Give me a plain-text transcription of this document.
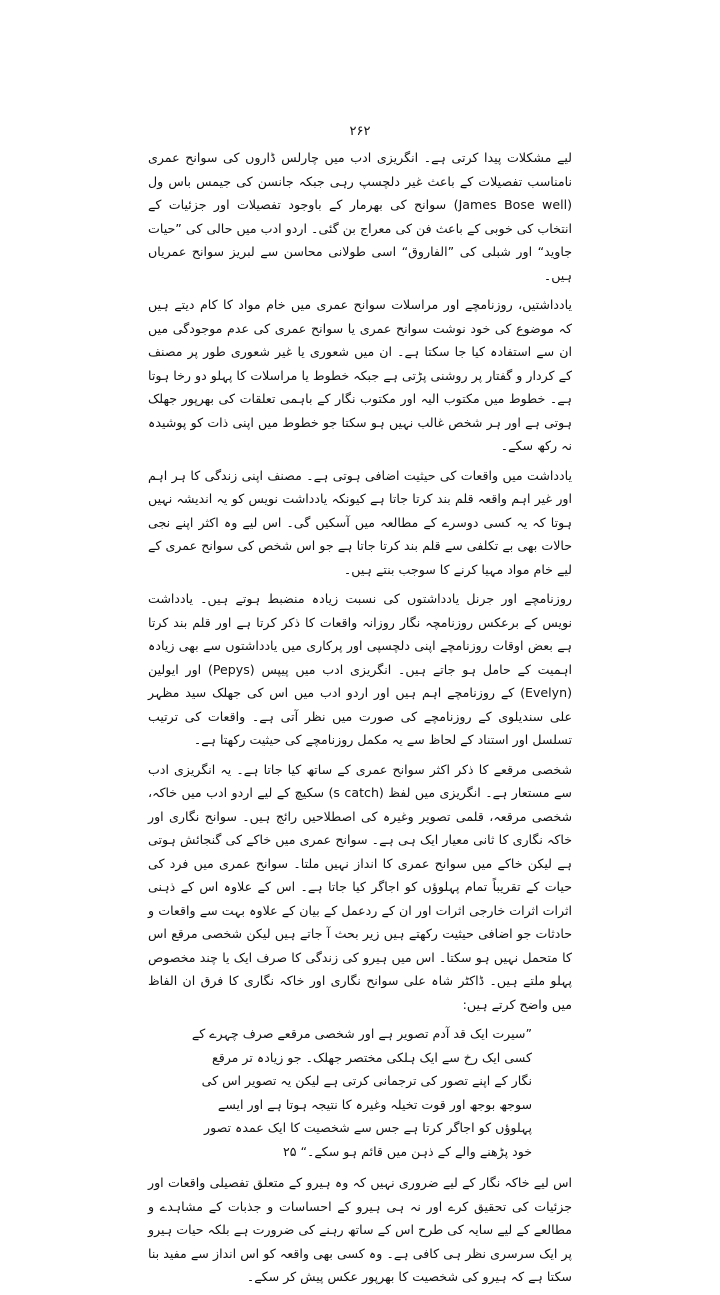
۲۶۲

لیے مشکلات پیدا کرتی ہے۔ انگریزی ادب میں چارلس ڈاروں کی سوانح عمری نامناسب تفصیلات کے باعث غیر دلچسپ رہی جبکہ جانسن کی جیمس باس ول (James Bose well) سوانح کی بھرمار کے باوجود تفصیلات اور جزئیات کے انتخاب کی خوبی کے باعث فن کی معراج بن گئی۔ اردو ادب میں حالی کی ”حیات جاوید“ اور شبلی کی ”الفاروق“ اسی طولانی محاسن سے لبریز سوانح عمریاں ہیں۔

یادداشتیں، روزنامچے اور مراسلات سوانح عمری میں خام مواد کا کام دیتے ہیں کہ موضوع کی خود نوشت سوانح عمری یا سوانح عمری کی عدم موجودگی میں ان سے استفادہ کیا جا سکتا ہے۔ ان میں شعوری یا غیر شعوری طور پر مصنف کے کردار و گفتار پر روشنی پڑتی ہے جبکہ خطوط یا مراسلات کا پہلو دو رخا ہوتا ہے۔ خطوط میں مکتوب الیہ اور مکتوب نگار کے باہمی تعلقات کی بھرپور جھلک ہوتی ہے اور ہر شخص غالب نہیں ہو سکتا جو خطوط میں اپنی ذات کو پوشیدہ نہ رکھ سکے۔

یادداشت میں واقعات کی حیثیت اضافی ہوتی ہے۔ مصنف اپنی زندگی کا ہر اہم اور غیر اہم واقعہ قلم بند کرتا جاتا ہے کیونکہ یادداشت نویس کو یہ اندیشہ نہیں ہوتا کہ یہ کسی دوسرے کے مطالعہ میں آسکیں گی۔ اس لیے وہ اکثر اپنے نجی حالات بھی بے تکلفی سے قلم بند کرتا جاتا ہے جو اس شخص کی سوانح عمری کے لیے خام مواد مہیا کرنے کا سوجب بنتے ہیں۔

روزنامچے اور جرنل یادداشتوں کی نسبت زیادہ منضبط ہوتے ہیں۔ یادداشت نویس کے برعکس روزنامچہ نگار روزانہ واقعات کا ذکر کرتا ہے اور قلم بند کرتا ہے بعض اوقات روزنامچے اپنی دلچسپی اور پرکاری میں یادداشتوں سے بھی زیادہ اہمیت کے حامل ہو جاتے ہیں۔ انگریزی ادب میں پیپس (Pepys) اور ایولین (Evelyn) کے روزنامچے اہم ہیں اور اردو ادب میں اس کی جھلک سید مظہر علی سندیلوی کے روزنامچے کی صورت میں نظر آتی ہے۔ واقعات کی ترتیب تسلسل اور استناد کے لحاظ سے یہ مکمل روزنامچے کی حیثیت رکھتا ہے۔

شخصی مرقعے کا ذکر اکثر سوانح عمری کے ساتھ کیا جاتا ہے۔ یہ انگریزی ادب سے مستعار ہے۔ انگریزی میں لفظ (s catch) سکیچ کے لیے اردو ادب میں خاکہ، شخصی مرقعہ، قلمی تصویر وغیرہ کی اصطلاحیں رائج ہیں۔ سوانح نگاری اور خاکہ نگاری کا ثانی معیار ایک ہی ہے۔ سوانح عمری میں خاکے کی گنجائش ہوتی ہے لیکن خاکے میں سوانح عمری کا انداز نہیں ملتا۔ سوانح عمری میں فرد کی حیات کے تقریباً تمام پہلوؤں کو اجاگر کیا جاتا ہے۔ اس کے علاوہ اس کے ذہنی اثرات اثرات خارجی اثرات اور ان کے ردعمل کے بیان کے علاوہ بہت سے واقعات و حادثات جو اضافی حیثیت رکھتے ہیں زیر بحث آ جاتے ہیں لیکن شخصی مرقع اس کا متحمل نہیں ہو سکتا۔ اس میں ہیرو کی زندگی کا صرف ایک یا چند مخصوص پہلو ملتے ہیں۔ ڈاکٹر شاہ علی سوانح نگاری اور خاکہ نگاری کا فرق ان الفاظ میں واضح کرتے ہیں:

”سیرت ایک قد آدم تصویر ہے اور شخصی مرقعے صرف چہرے کے کسی ایک رخ سے ایک ہلکی مختصر جھلک۔ جو زیادہ تر مرقع نگار کے اپنے تصور کی ترجمانی کرتی ہے لیکن یہ تصویر اس کی سوجھ بوجھ اور قوت تخیلہ وغیرہ کا نتیجہ ہوتا ہے اور ایسے پہلوؤں کو اجاگر کرتا ہے جس سے شخصیت کا ایک عمدہ تصور خود پڑھنے والے کے ذہن میں قائم ہو سکے۔“ ۲۵

اس لیے خاکہ نگار کے لیے ضروری نہیں کہ وہ ہیرو کے متعلق تفصیلی واقعات اور جزئیات کی تحقیق کرے اور نہ ہی ہیرو کے احساسات و جذبات کے مشاہدے و مطالعے کے لیے سایہ کی طرح اس کے ساتھ رہنے کی ضرورت ہے بلکہ حیات ہیرو پر ایک سرسری نظر ہی کافی ہے۔ وہ کسی بھی واقعہ کو اس انداز سے مفید بنا سکتا ہے کہ ہیرو کی شخصیت کا بھرپور عکس پیش کر سکے۔
